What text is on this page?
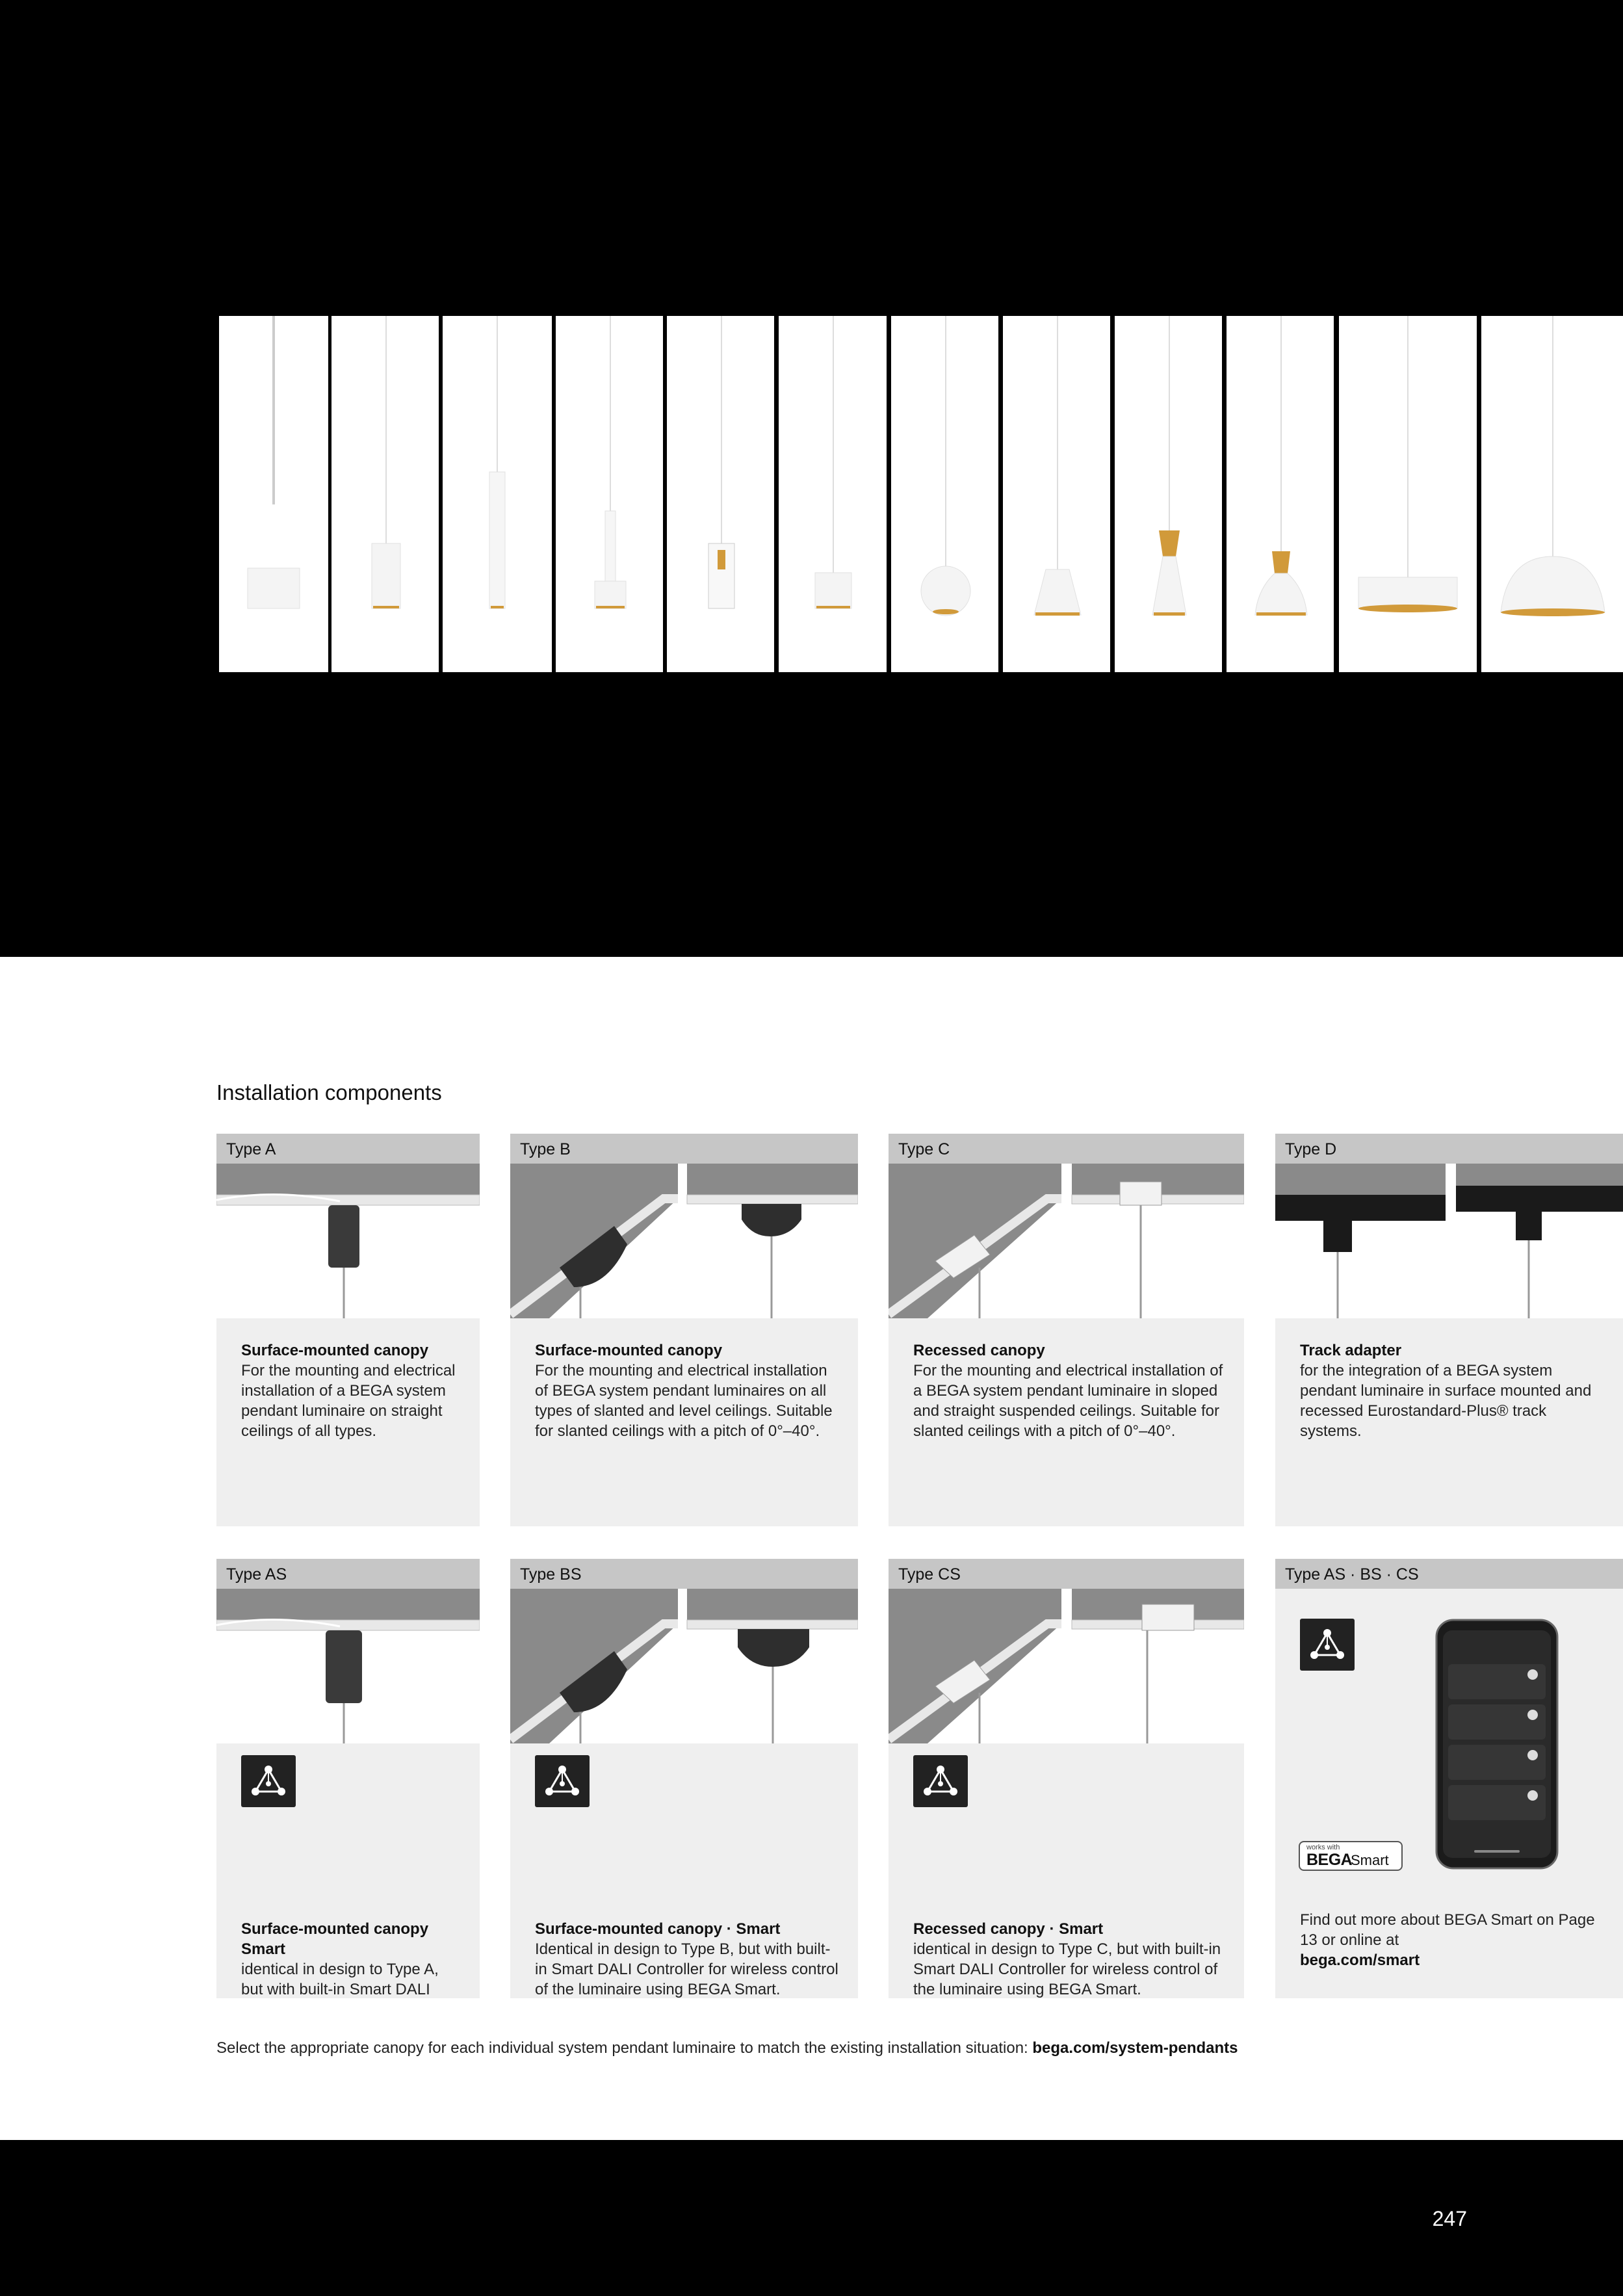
Installation components
Type A
Surface-mounted canopy
For the mounting and electrical installation of a BEGA system pendant luminaire on straight ceilings of all types.
Type B
Surface-mounted canopy
For the mounting and electrical installation of BEGA system pendant luminaires on all types of slanted and level ceilings. Suitable for slanted ceilings with a pitch of 0°–40°.
Type C
Recessed canopy
For the mounting and electrical installation of a BEGA system pendant luminaire in sloped and straight suspended ceilings. Suitable for slanted ceilings with a pitch of 0°–40°.
Type D
Track adapter
for the integration of a BEGA system pendant luminaire in surface mounted and recessed Eurostandard-Plus® track systems.
Type AS
Surface-mounted canopy Smart
identical in design to Type A, but with built-in Smart DALI
Type BS
Surface-mounted canopy · Smart
Identical in design to Type B, but with built-in Smart DALI Controller for wireless control of the luminaire using BEGA Smart.
Type CS
Recessed canopy · Smart
identical in design to Type C, but with built-in Smart DALI Controller for wireless control of the luminaire using BEGA Smart.
Type AS · BS · CS
works with
BEGA
Smart
Find out more about BEGA Smart on Page 13 or online at
bega.com/smart
Select the appropriate canopy for each individual system pendant luminaire to match the existing installation situation: bega.com/system-pendants
247
